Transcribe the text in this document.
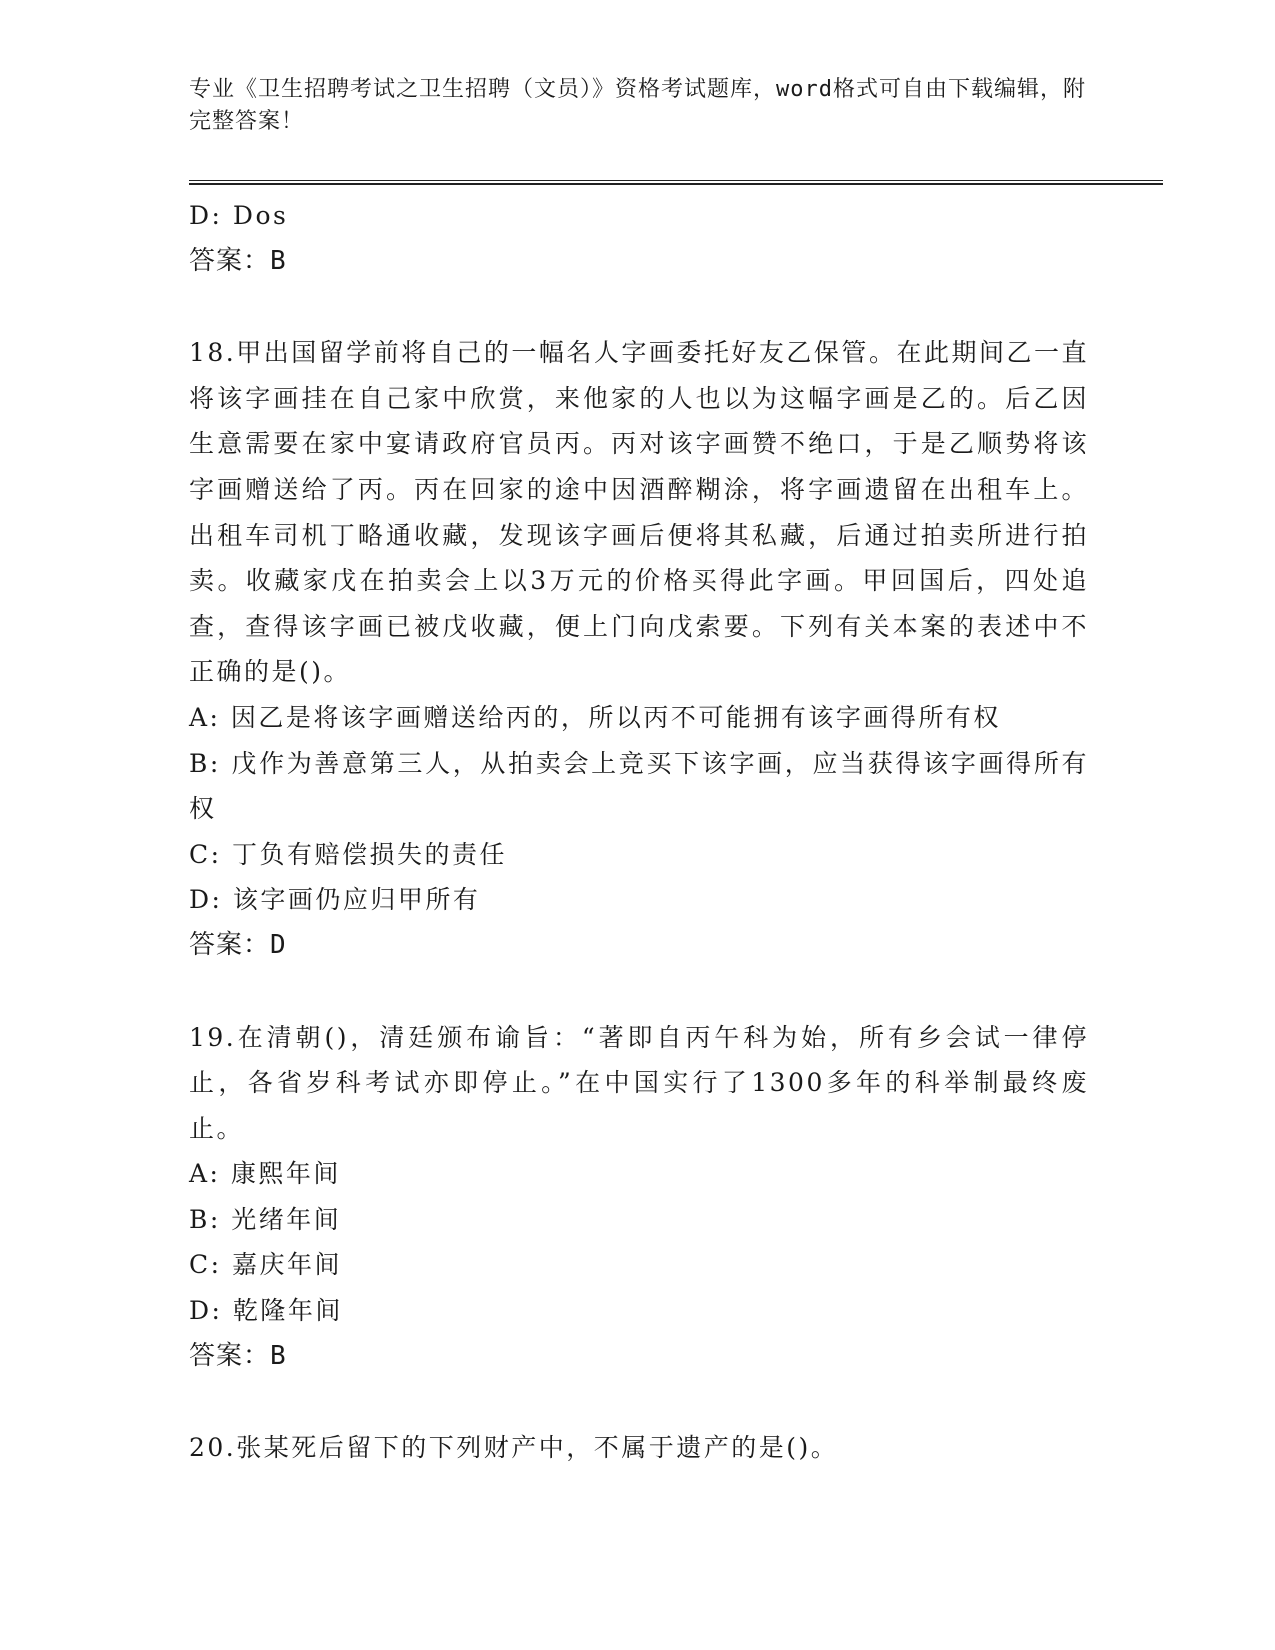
专业《卫生招聘考试之卫生招聘（文员）》资格考试题库，word格式可自由下载编辑，附完整答案！
D: Dos
答案：B
18.甲出国留学前将自己的一幅名人字画委托好友乙保管。在此期间乙一直将该字画挂在自己家中欣赏，来他家的人也以为这幅字画是乙的。后乙因生意需要在家中宴请政府官员丙。丙对该字画赞不绝口，于是乙顺势将该字画赠送给了丙。丙在回家的途中因酒醉糊涂，将字画遗留在出租车上。出租车司机丁略通收藏，发现该字画后便将其私藏，后通过拍卖所进行拍卖。收藏家戊在拍卖会上以3万元的价格买得此字画。甲回国后，四处追查，查得该字画已被戊收藏，便上门向戊索要。下列有关本案的表述中不正确的是()。
A: 因乙是将该字画赠送给丙的，所以丙不可能拥有该字画得所有权
B: 戊作为善意第三人，从拍卖会上竞买下该字画，应当获得该字画得所有权
C: 丁负有赔偿损失的责任
D: 该字画仍应归甲所有
答案：D
19.在清朝()，清廷颁布谕旨：“著即自丙午科为始，所有乡会试一律停止，各省岁科考试亦即停止。”在中国实行了1300多年的科举制最终废止。
A: 康熙年间
B: 光绪年间
C: 嘉庆年间
D: 乾隆年间
答案：B
20.张某死后留下的下列财产中，不属于遗产的是()。
